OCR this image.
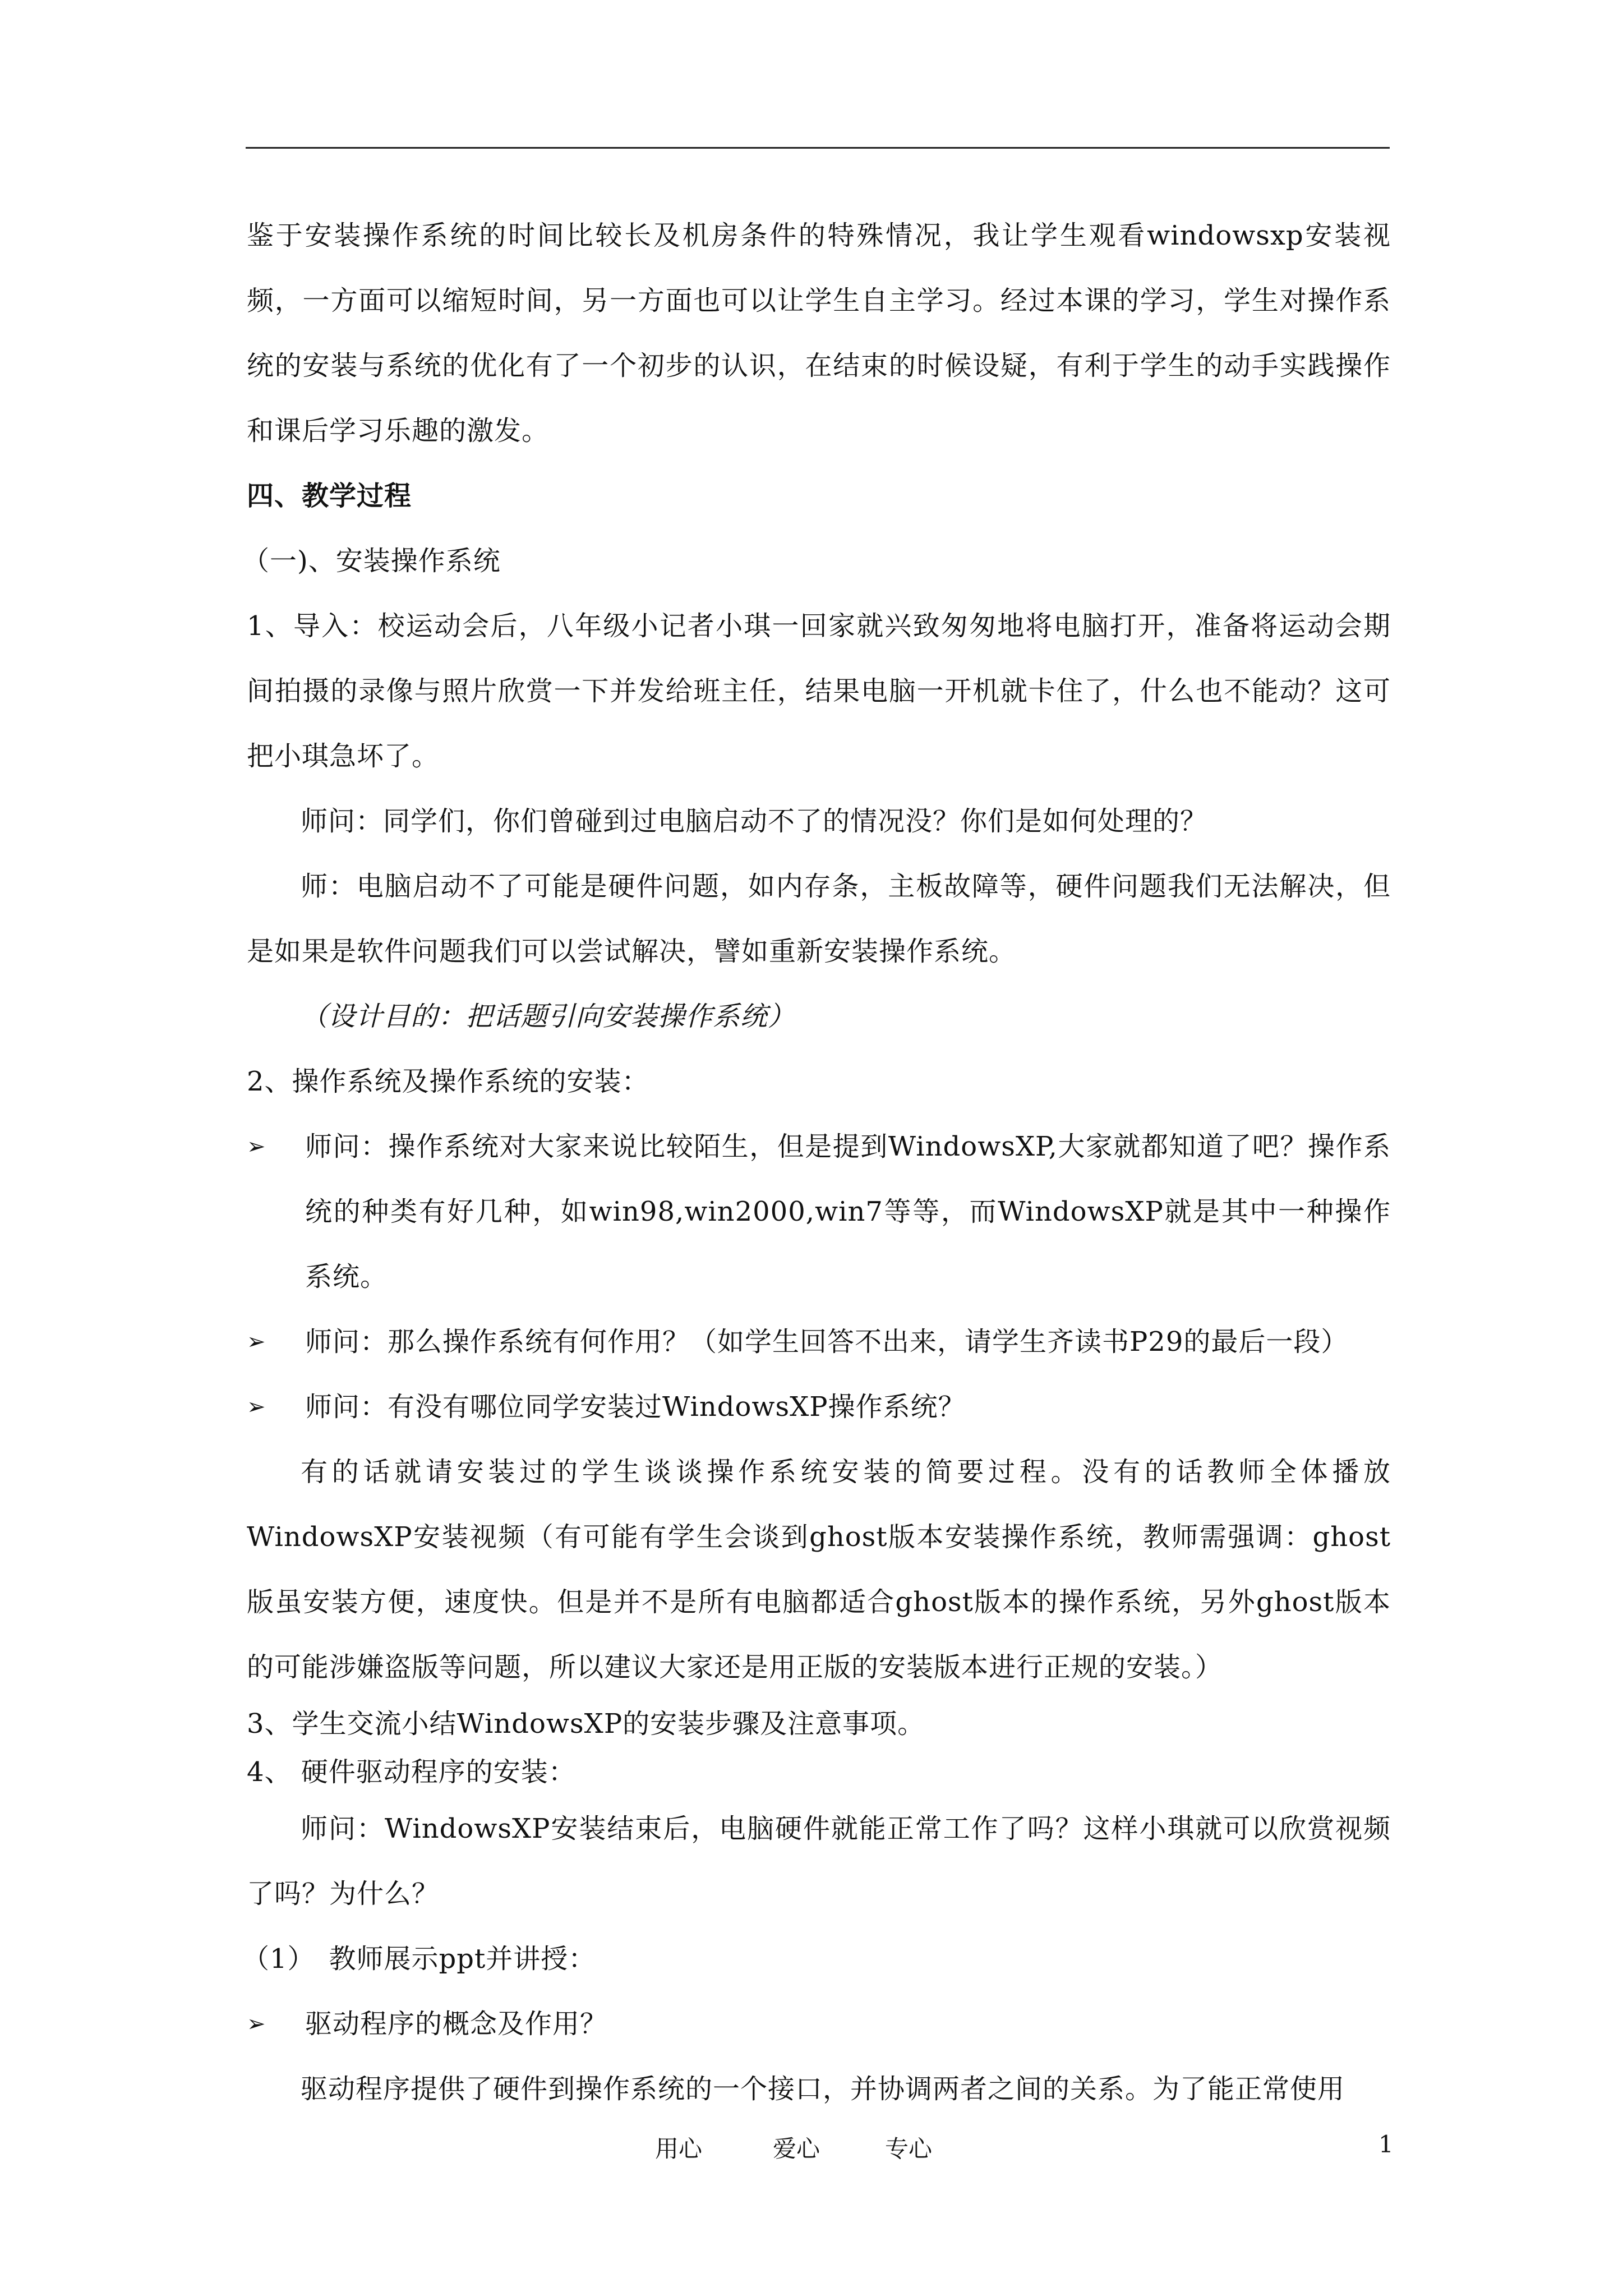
鉴于安装操作系统的时间比较长及机房条件的特殊情况，我让学生观看windowsxp安装视频，一方面可以缩短时间，另一方面也可以让学生自主学习。经过本课的学习，学生对操作系统的安装与系统的优化有了一个初步的认识，在结束的时候设疑，有利于学生的动手实践操作和课后学习乐趣的激发。

四、教学过程

（一)、安装操作系统

1、导入：校运动会后，八年级小记者小琪一回家就兴致匆匆地将电脑打开，准备将运动会期间拍摄的录像与照片欣赏一下并发给班主任，结果电脑一开机就卡住了，什么也不能动？这可把小琪急坏了。

师问：同学们，你们曾碰到过电脑启动不了的情况没？你们是如何处理的？

师：电脑启动不了可能是硬件问题，如内存条，主板故障等，硬件问题我们无法解决，但是如果是软件问题我们可以尝试解决，譬如重新安装操作系统。

（设计目的：把话题引向安装操作系统）

2、操作系统及操作系统的安装：

➢	师问：操作系统对大家来说比较陌生，但是提到WindowsXP,大家就都知道了吧？操作系统的种类有好几种，如win98,win2000,win7等等，而WindowsXP就是其中一种操作系统。
➢	师问：那么操作系统有何作用？（如学生回答不出来，请学生齐读书P29的最后一段）
➢	师问：有没有哪位同学安装过WindowsXP操作系统？

有的话就请安装过的学生谈谈操作系统安装的简要过程。没有的话教师全体播放WindowsXP安装视频（有可能有学生会谈到ghost版本安装操作系统，教师需强调：ghost版虽安装方便，速度快。但是并不是所有电脑都适合ghost版本的操作系统，另外ghost版本的可能涉嫌盗版等问题，所以建议大家还是用正版的安装版本进行正规的安装。）

3、学生交流小结WindowsXP的安装步骤及注意事项。

4、 硬件驱动程序的安装：

师问：WindowsXP安装结束后，电脑硬件就能正常工作了吗？这样小琪就可以欣赏视频了吗？为什么？

（1）　教师展示ppt并讲授：

➢	驱动程序的概念及作用？

驱动程序提供了硬件到操作系统的一个接口，并协调两者之间的关系。为了能正常使用

用心	爱心	专心	1
